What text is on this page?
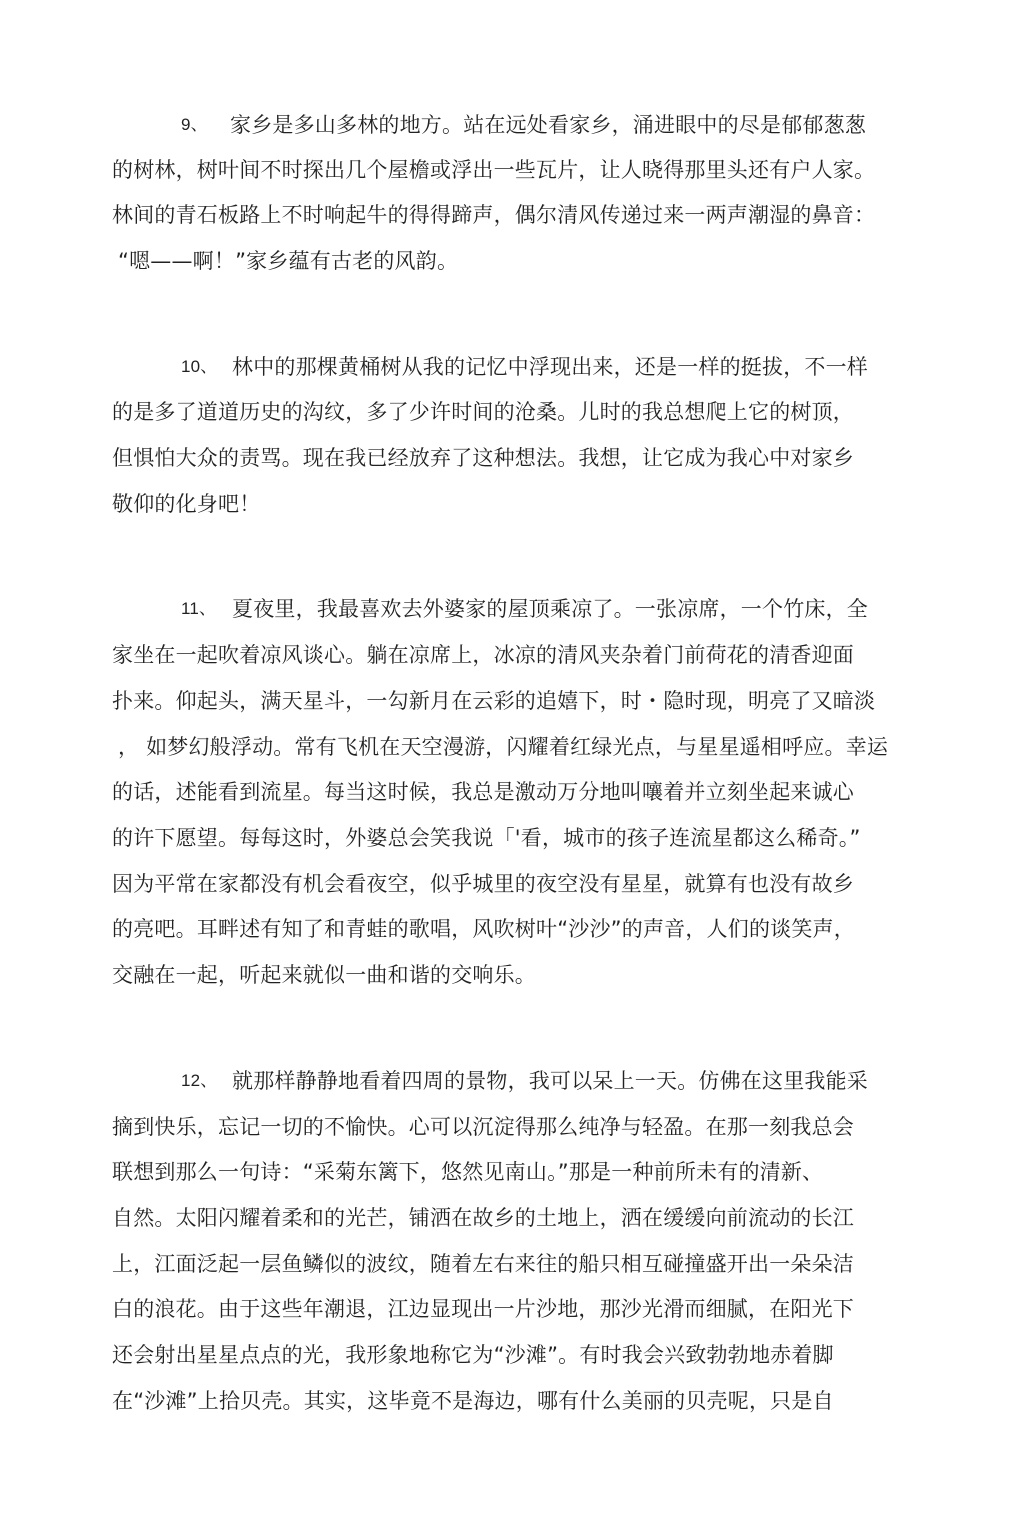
9、 家乡是多山多林的地方。站在远处看家乡，涌进眼中的尽是郁郁葱葱
的树林，树叶间不时探出几个屋檐或浮出一些瓦片，让人晓得那里头还有户人家。
林间的青石板路上不时响起牛的得得蹄声，偶尔清风传递过来一两声潮湿的鼻音：
“嗯——啊！”家乡蕴有古老的风韵。
10、 林中的那棵黄桶树从我的记忆中浮现出来，还是一样的挺拔，不一样
的是多了道道历史的沟纹，多了少许时间的沧桑。儿时的我总想爬上它的树顶，
但惧怕大众的责骂。现在我已经放弃了这种想法。我想，让它成为我心中对家乡
敬仰的化身吧！
11、 夏夜里，我最喜欢去外婆家的屋顶乘凉了。一张凉席，一个竹床，全
家坐在一起吹着凉风谈心。躺在凉席上，冰凉的清风夹杂着门前荷花的清香迎面
扑来。仰起头，满天星斗，一勾新月在云彩的追嬉下，时・隐时现，明亮了又暗淡
， 如梦幻般浮动。常有飞机在天空漫游，闪耀着红绿光点，与星星遥相呼应。幸运
的话，述能看到流星。每当这时候，我总是激动万分地叫嚷着并立刻坐起来诚心
的许下愿望。每每这时，外婆总会笑我说「'看，城市的孩子连流星都这么稀奇。”
因为平常在家都没有机会看夜空，似乎城里的夜空没有星星，就算有也没有故乡
的亮吧。耳畔述有知了和青蛙的歌唱，风吹树叶“沙沙”的声音，人们的谈笑声，
交融在一起，听起来就似一曲和谐的交响乐。
12、 就那样静静地看着四周的景物，我可以呆上一天。仿佛在这里我能采
摘到快乐，忘记一切的不愉快。心可以沉淀得那么纯净与轻盈。在那一刻我总会
联想到那么一句诗：“采菊东篱下，悠然见南山。”那是一种前所未有的清新、
自然。太阳闪耀着柔和的光芒，铺洒在故乡的土地上，洒在缓缓向前流动的长江
上，江面泛起一层鱼鳞似的波纹，随着左右来往的船只相互碰撞盛开出一朵朵洁
白的浪花。由于这些年潮退，江边显现出一片沙地，那沙光滑而细腻，在阳光下
还会射出星星点点的光，我形象地称它为“沙滩”。有时我会兴致勃勃地赤着脚
在“沙滩”上拾贝壳。其实，这毕竟不是海边，哪有什么美丽的贝壳呢，只是自
